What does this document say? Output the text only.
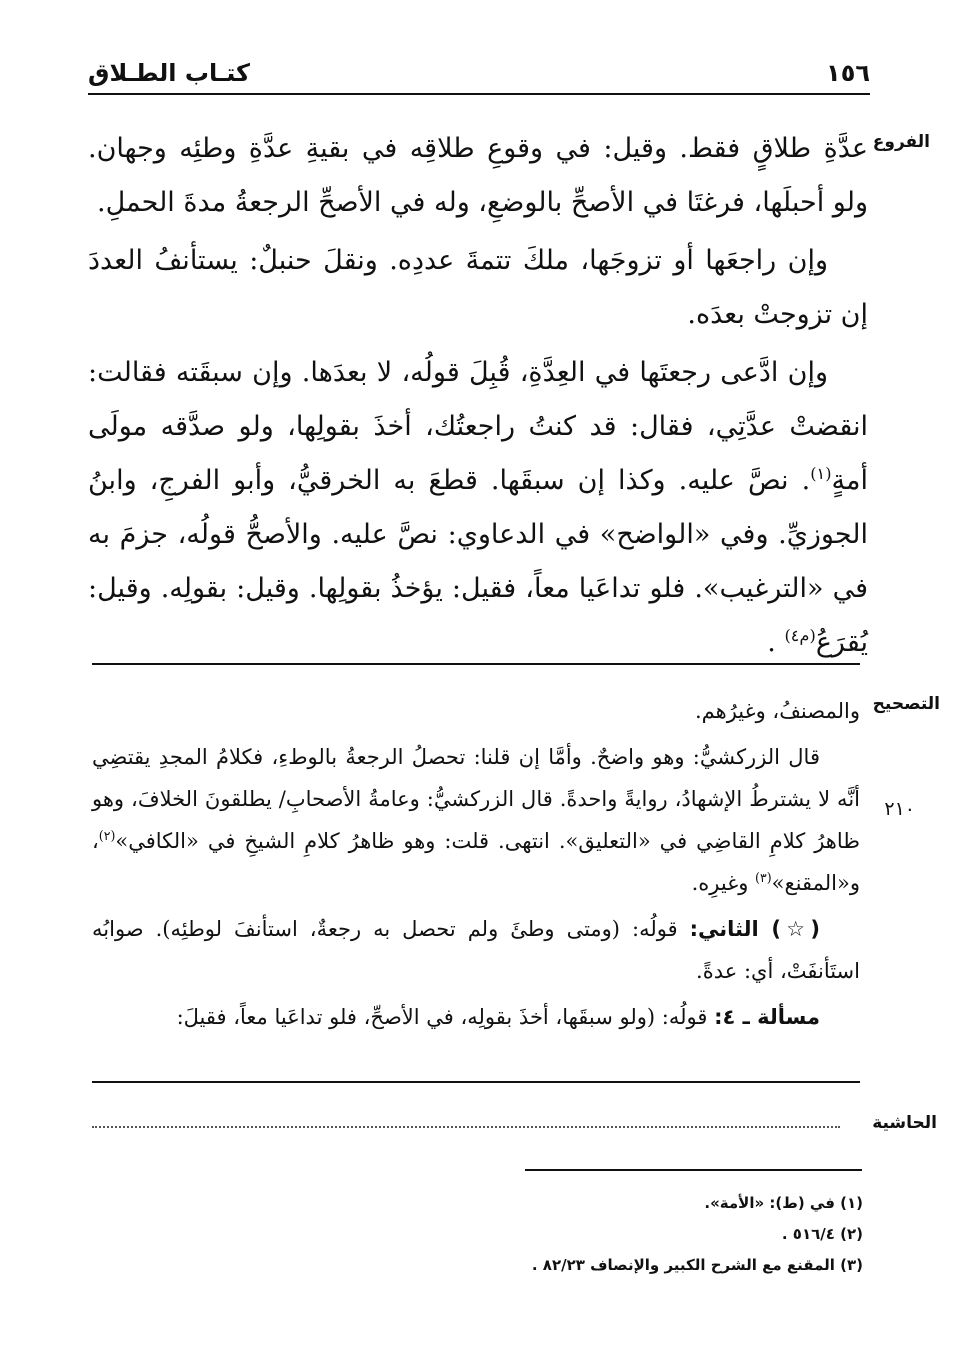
١٥٦
كتـاب الطـلاق
الفروع

عدَّةِ طلاقٍ فقط. وقيل: في وقوعِ طلاقِه في بقيةِ عدَّةِ وطئِه وجهان. ولو أحبلَها، فرغتَا في الأصحِّ بالوضعِ، وله في الأصحِّ الرجعةُ مدةَ الحملِ.

وإن راجعَها أو تزوجَها، ملكَ تتمةَ عددِه. ونقلَ حنبلٌ: يستأنفُ العددَ إن تزوجتْ بعدَه.

وإن ادَّعى رجعتَها في العِدَّةِ، قُبِلَ قولُه، لا بعدَها. وإن سبقَته فقالت: انقضتْ عدَّتِي، فقال: قد كنتُ راجعتُك، أخذَ بقولِها، ولو صدَّقه مولَى أمةٍ$^{(١)}$. نصَّ عليه. وكذا إن سبقَها. قطعَ به الخرقيُّ، وأبو الفرجِ، وابنُ الجوزيِّ. وفي «الواضح» في الدعاوي: نصَّ عليه. والأصحُّ قولُه، جزمَ به في «الترغيب». فلو تداعَيا معاً، فقيل: يؤخذُ بقولِها. وقيل: بقولِه. وقيل: يُقرَعُ$^{(م٤)}$ .

التصحيح
٢١٠

والمصنفُ، وغيرُهم.

قال الزركشيُّ: وهو واضحٌ. وأمَّا إن قلنا: تحصلُ الرجعةُ بالوطءِ، فكلامُ المجدِ يقتضِي أنَّه لا يشترطُ الإشهادُ، روايةً واحدةً. قال الزركشيُّ: وعامةُ الأصحابِ/ يطلقونَ الخلافَ، وهو ظاهرُ كلامِ القاضِي في «التعليق». انتهى. قلت: وهو ظاهرُ كلامِ الشيخِ في «الكافي»$^{(٢)}$، و«المقنع»$^{(٣)}$ وغيرِه.

(☆) الثاني: قولُه: (ومتى وطئَ ولم تحصل به رجعةٌ، استأنفَ لوطئِه). صوابُه استَأنفَتْ، أي: عدةً.

مسألة ـ ٤: قولُه: (ولو سبقَها، أخذَ بقولِه، في الأصحِّ، فلو تداعَيا معاً، فقيلَ:

الحاشية
(١) في (ط): «الأمة».
(٢) ٥١٦/٤ .
(٣) المقنع مع الشرح الكبير والإنصاف ٨٢/٢٣ .
